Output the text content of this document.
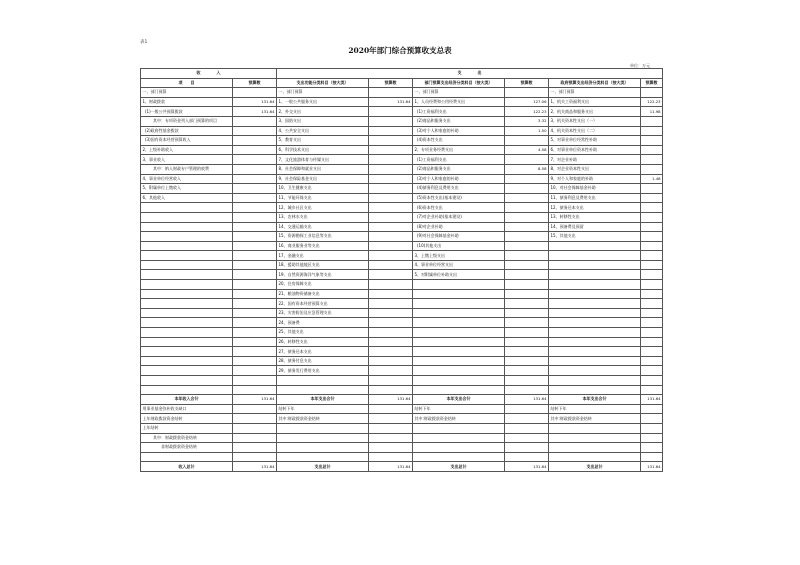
表1
2020年部门综合预算收支总表
单位：万元
收　　　　入		支　　　　出					
项　　目	预算数	支出功能分类科目（按大类）	预算数	部门预算支出经济分类科目（按大类）	预算数	政府预算支出经济分类科目（按大类）	预算数
一、部门预算		一、部门预算		一、部门预算		一、部门预算	
1、财政拨款	131.64	1、一般公共服务支出	131.64	1、人员经费和公用经费支出	127.06	1、机关工资福利支出	122.23
(1)一般公共预算拨款	131.64	2、外交支出		(1)工资福利支出	122.23	2、机关商品和服务支出	11.98
其中：专项资金列入部门预算的项目		3、国防支出		(2)商品和服务支出	3.32	3、机关资本性支出（一）	
(2)政府性基金拨款		4、公共安全支出		(3)对个人和家庭的补助	1.50	4、机关资本性支出（二）	
(3)国有资本经营预算收入		5、教育支出		(4)资本性支出		5、对事业单位经常性补助	
2、上级补助收入		6、科学技术支出		2、专项业务经费支出	4.58	6、对事业单位资本性补助	
3、事业收入		7、文化旅游体育与传媒支出		(1)工资福利支出		7、对企业补助	
其中：纳入财政专户管理的收费		8、社会保障和就业支出		(2)商品和服务支出	8.58	8、对企业资本性支出	
4、事业单位经营收入		9、社会保险基金支出		(3)对个人和家庭的补助		9、对个人和家庭的补助	1.48
5、附属单位上缴收入		10、卫生健康支出		(4)债务利息及费用支出		10、对社会保障基金补助	
6、其他收入		11、节能环保支出		(5)资本性支出(基本建设)		11、债务利息及费用支出	
		12、城乡社区支出		(6)资本性支出		12、债务还本支出	
		13、农林水支出		(7)对企业补助(基本建设)		13、转移性支出	
		14、交通运输支出		(8)对企业补助		14、预备费及预留	
		15、资源勘探工业信息等支出		(9)对社会保障基金补助		15、其他支出	
		16、商业服务业等支出		(10)其他支出			
		17、金融支出		3、上缴上级支出			
		18、援助其他地区支出		4、事业单位经营支出			
		19、自然资源海洋气象等支出		5、对附属单位补助支出			
		20、住房保障支出					
		21、粮油物资储备支出					
		22、国有资本经营预算支出					
		23、灾害防治及应急管理支出					
		24、预备费					
		25、其他支出					
		26、转移性支出					
		27、债务还本支出					
		28、债务付息支出					
		29、债务发行费用支出					

本年收入合计	131.64	本年支出合计	131.64	本年支出合计	131.64	本年支出合计	131.64
用事业基金弥补收支缺口		结转下年		结转下年		结转下年	
上年财政拨款资金结转		其中:财政拨款资金结转		其中:财政拨款资金结转		其中:财政拨款资金结转	
上年结转							
其中：财政拨款资金结转							
非财政拨款资金结转							

收入总计	131.64	支出总计	131.64	支出总计	131.64	支出总计	131.64
